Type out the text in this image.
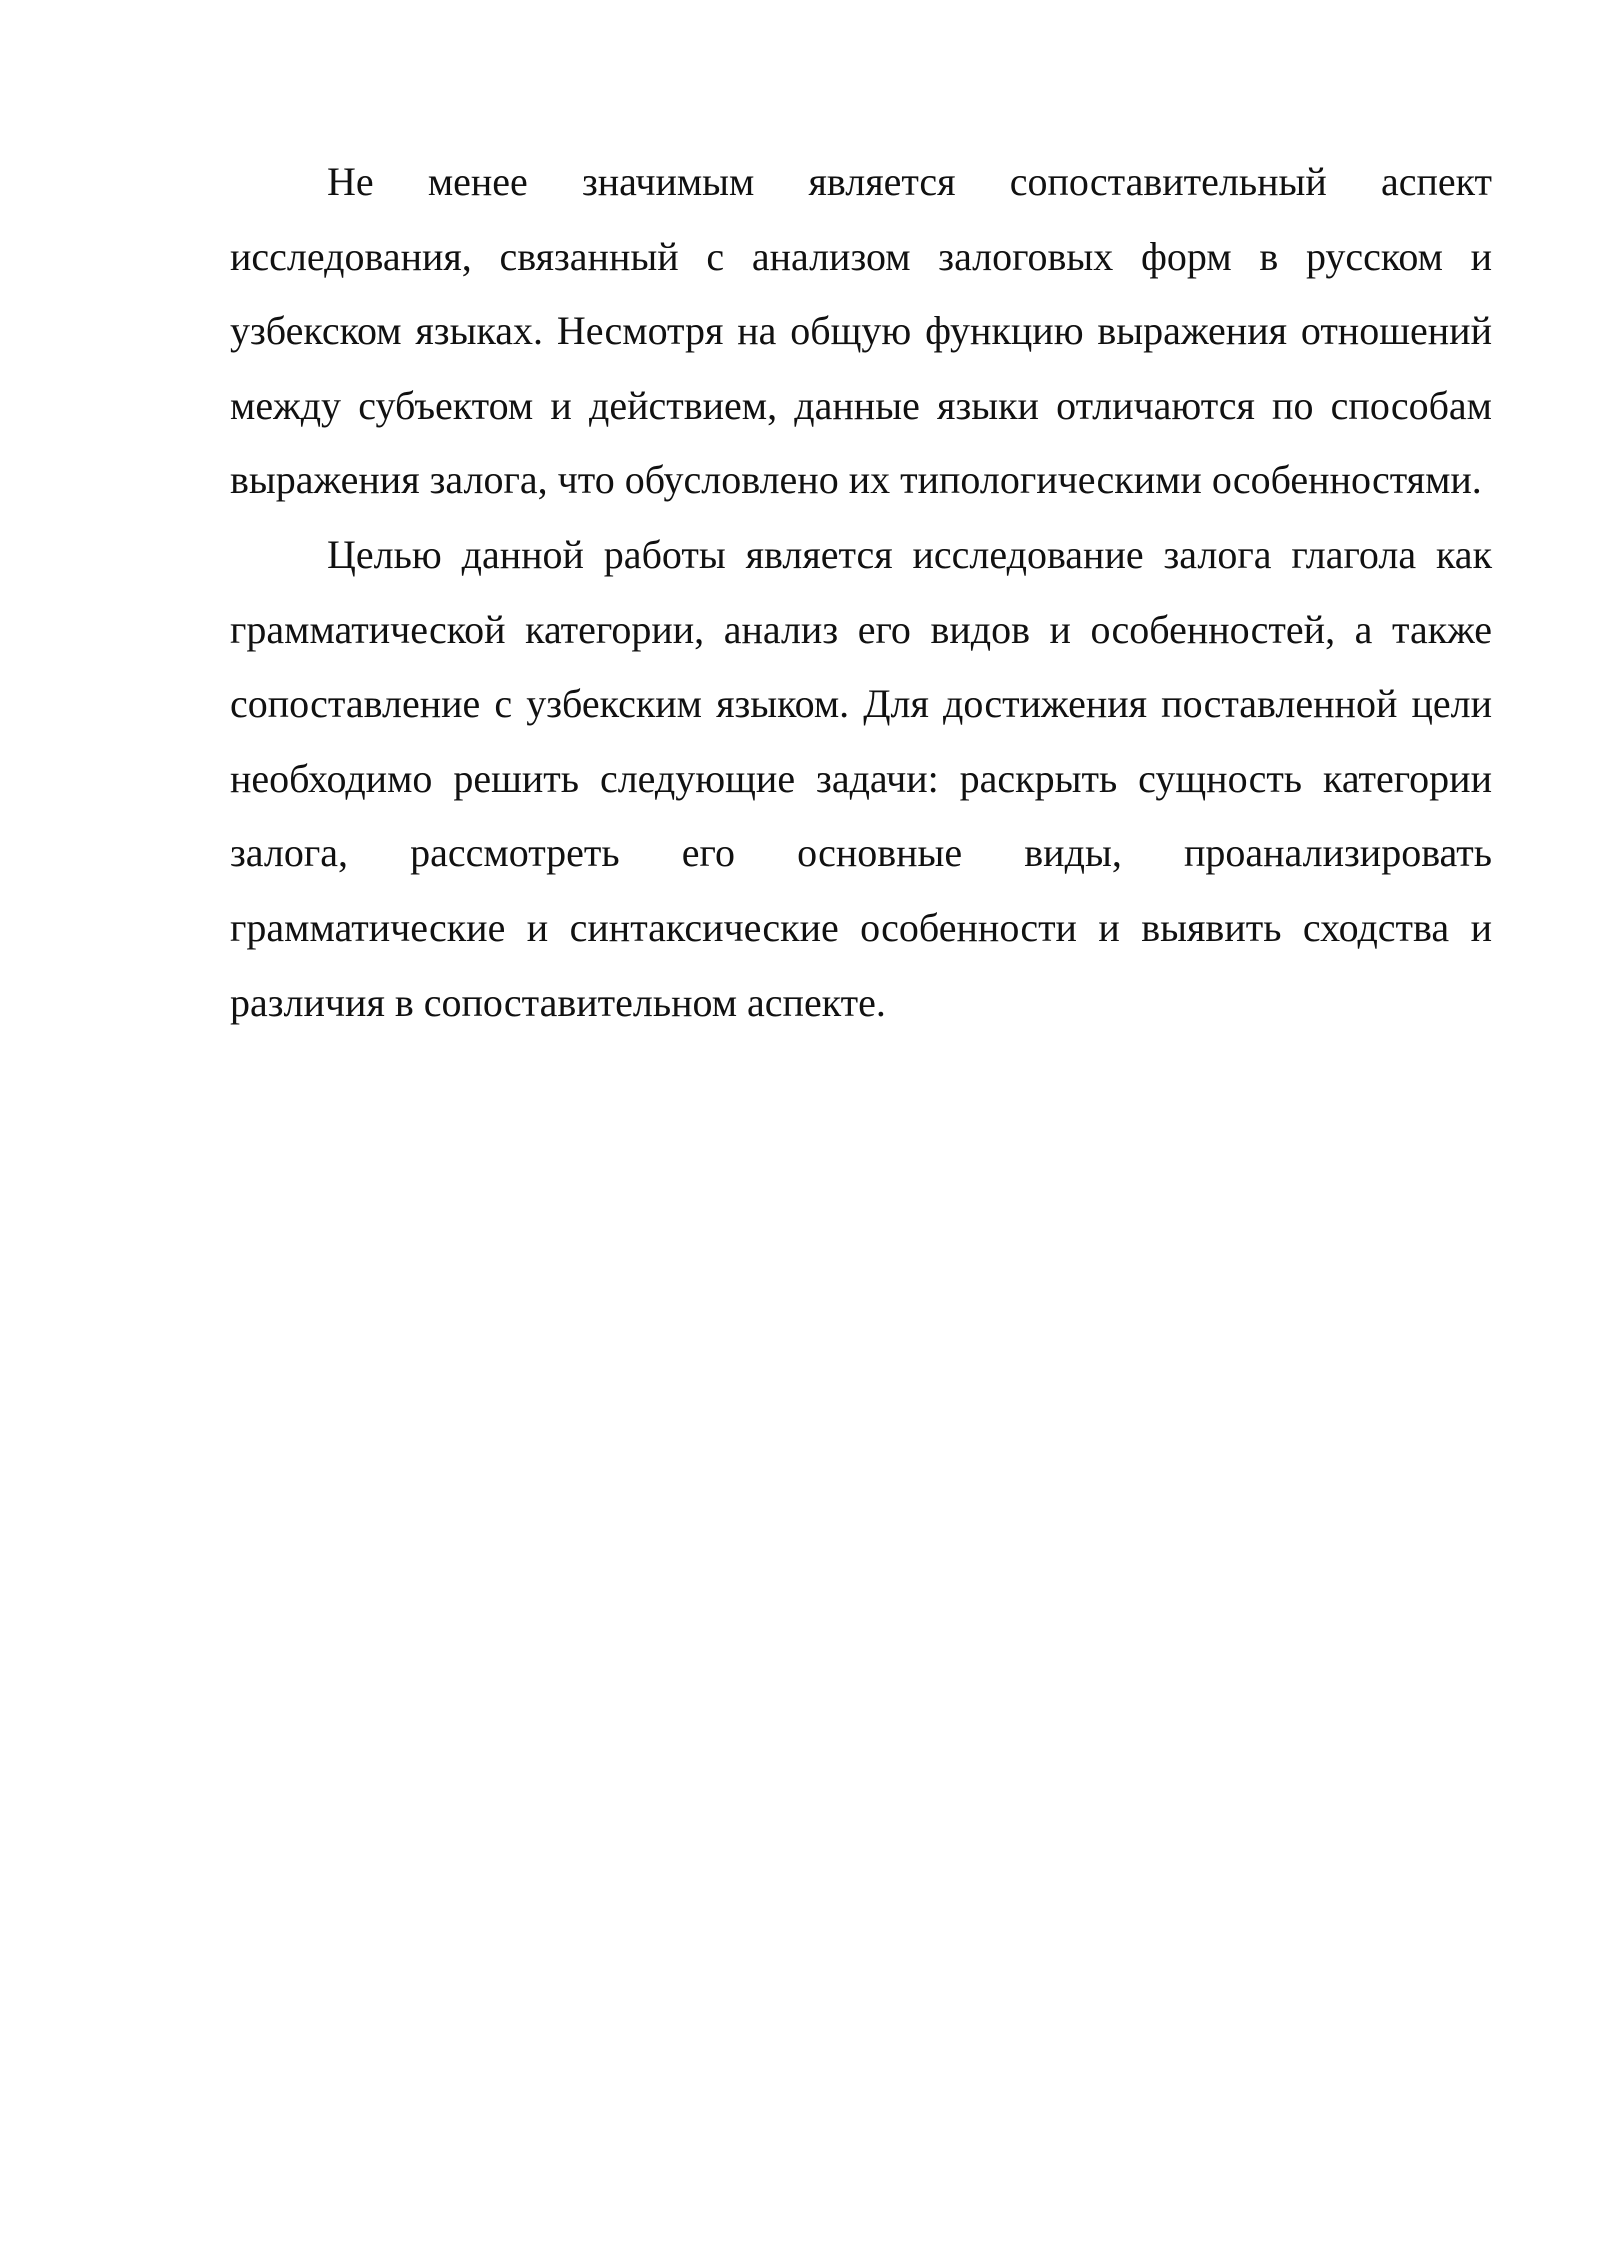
Не менее значимым является сопоставительный аспект исследования, связанный с анализом залоговых форм в русском и узбекском языках. Несмотря на общую функцию выражения отношений между субъектом и действием, данные языки отличаются по способам выражения залога, что обусловлено их типологическими особенностями.

Целью данной работы является исследование залога глагола как грамматической категории, анализ его видов и особенностей, а также сопоставление с узбекским языком. Для достижения поставленной цели необходимо решить следующие задачи: раскрыть сущность категории залога, рассмотреть его основные виды, проанализировать грамматические и синтаксические особенности и выявить сходства и различия в сопоставительном аспекте.
